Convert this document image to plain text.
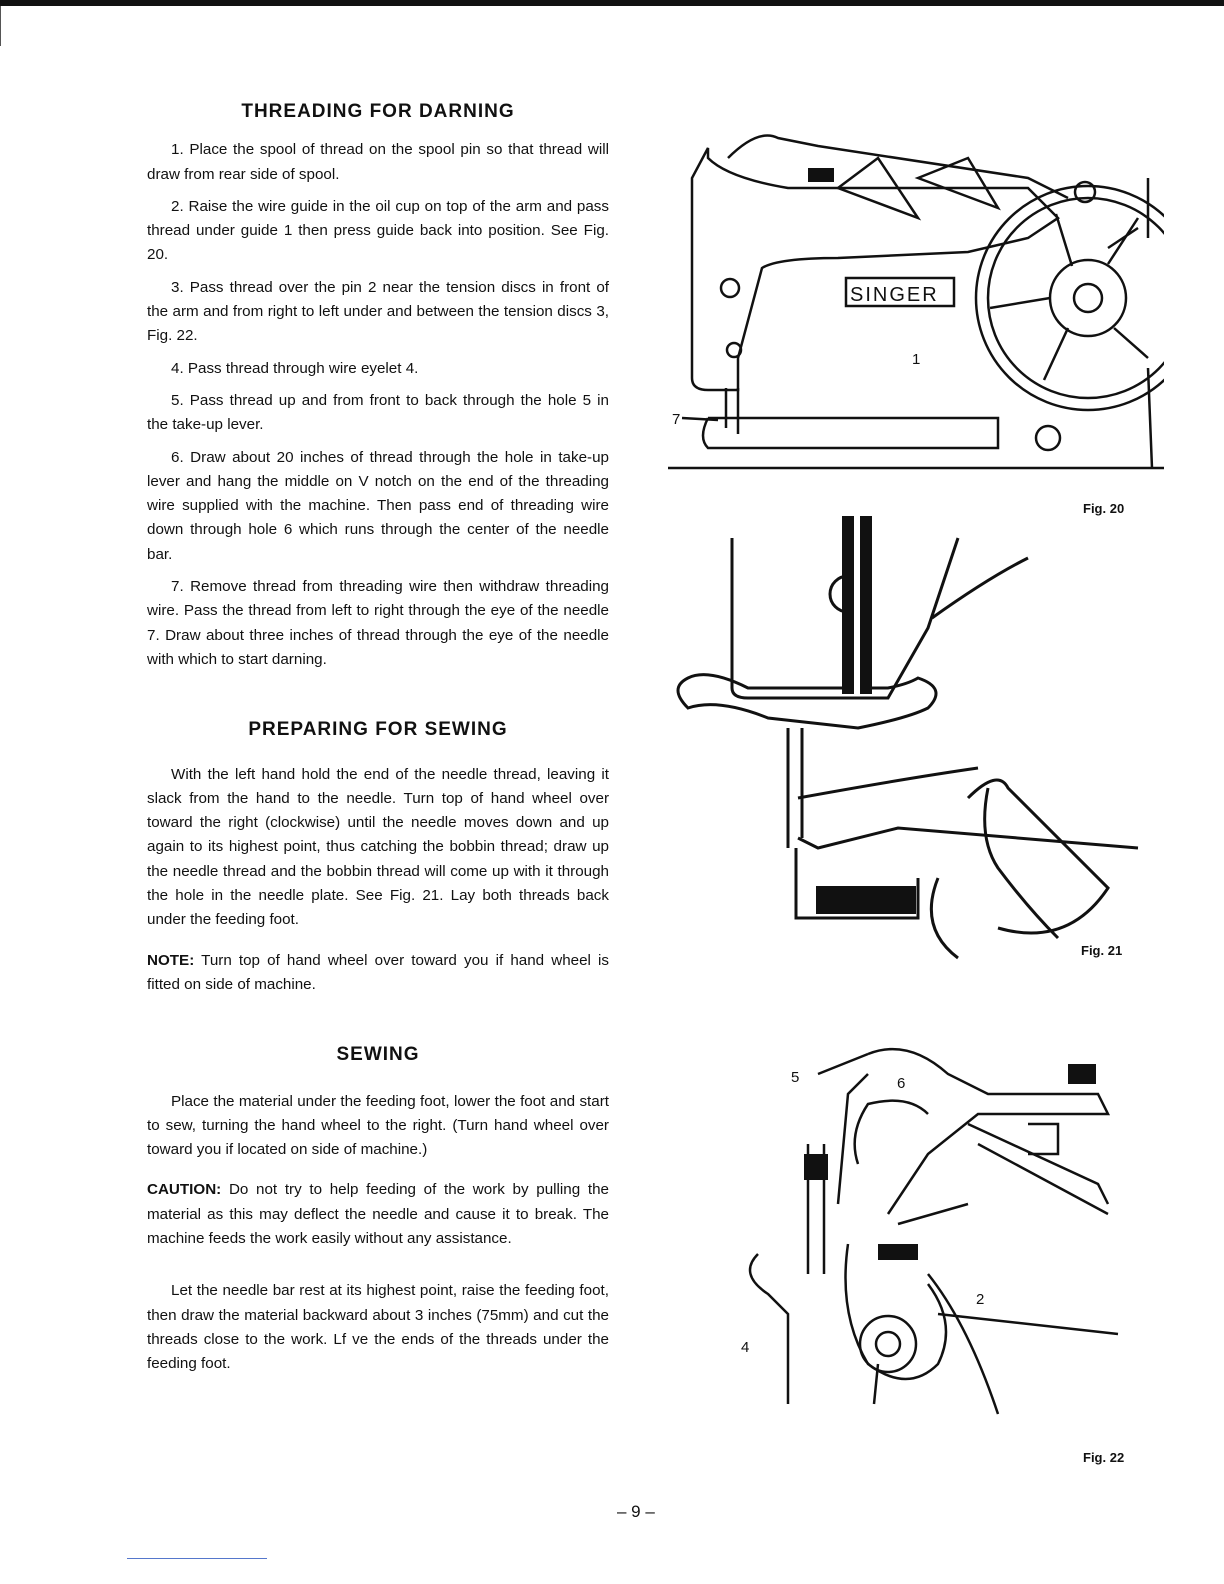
THREADING FOR DARNING

1. Place the spool of thread on the spool pin so that thread will draw from rear side of spool.

2. Raise the wire guide in the oil cup on top of the arm and pass thread under guide 1 then press guide back into position. See Fig. 20.

3. Pass thread over the pin 2 near the tension discs in front of the arm and from right to left under and between the tension discs 3, Fig. 22.

4. Pass thread through wire eyelet 4.

5. Pass thread up and from front to back through the hole 5 in the take-up lever.

6. Draw about 20 inches of thread through the hole in take-up lever and hang the middle on V notch on the end of the threading wire supplied with the machine. Then pass end of threading wire down through hole 6 which runs through the center of the needle bar.

7. Remove thread from threading wire then withdraw threading wire. Pass the thread from left to right through the eye of the needle 7. Draw about three inches of thread through the eye of the needle with which to start darning.

PREPARING FOR SEWING

With the left hand hold the end of the needle thread, leaving it slack from the hand to the needle. Turn top of hand wheel over toward the right (clockwise) until the needle moves down and up again to its highest point, thus catching the bobbin thread; draw up the needle thread and the bobbin thread will come up with it through the hole in the needle plate. See Fig. 21. Lay both threads back under the feeding foot.

NOTE: Turn top of hand wheel over toward you if hand wheel is fitted on side of machine.

SEWING

Place the material under the feeding foot, lower the foot and start to sew, turning the hand wheel to the right. (Turn hand wheel over toward you if located on side of machine.)

CAUTION: Do not try to help feeding of the work by pulling the material as this may deflect the needle and cause it to break. The machine feeds the work easily without any assistance.

Let the needle bar rest at its highest point, raise the feeding foot, then draw the material backward about 3 inches (75mm) and cut the threads close to the work. Lf ve the ends of the threads under the feeding foot.

SINGER
1
7
Fig. 20
Fig. 21
5	6
2
4
Fig. 22
– 9 –
